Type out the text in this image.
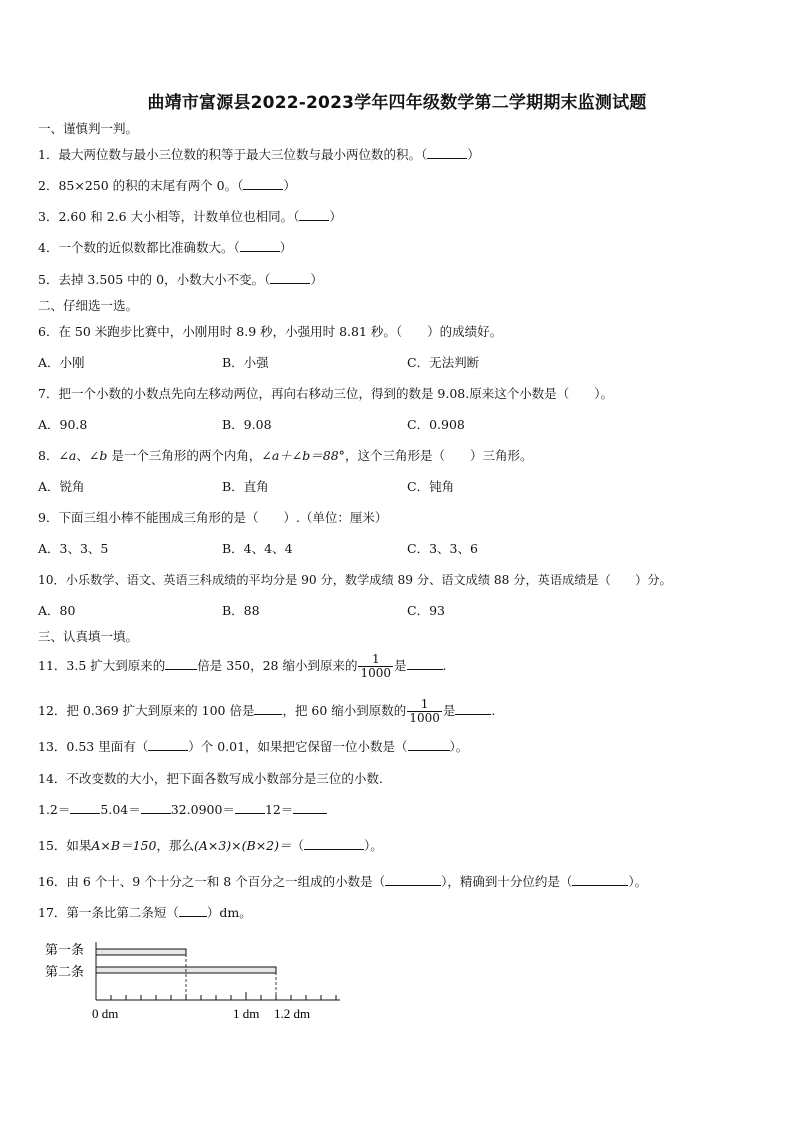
曲靖市富源县2022-2023学年四年级数学第二学期期末监测试题
一、谨慎判一判。
1．最大两位数与最小三位数的积等于最大三位数与最小两位数的积。（	）
2．85×250 的积的末尾有两个 0。（	）
3．2.60 和 2.6 大小相等，计数单位也相同。（ ）
4．一个数的近似数都比准确数大。（	）
5．去掉 3.505 中的 0，小数大小不变。（	）
二、仔细选一选。
6．在 50 米跑步比赛中，小刚用时 8.9 秒，小强用时 8.81 秒。（　　）的成绩好。
A．小刚	B．小强	C．无法判断
7．把一个小数的小数点先向左移动两位，再向右移动三位，得到的数是 9.08.原来这个小数是（　　）。
A．90.8	B．9.08	C．0.908
8．∠a、∠b 是一个三角形的两个内角，∠a＋∠b＝88°，这个三角形是（　　）三角形。
A．锐角	B．直角	C．钝角
9．下面三组小棒不能围成三角形的是（　　）.（单位：厘米）
A．3、3、5	B．4、4、4	C．3、3、6
10．小乐数学、语文、英语三科成绩的平均分是 90 分，数学成绩 89 分、语文成绩 88 分，英语成绩是（　　）分。
A．80	B．88	C．93
三、认真填一填。
11．3.5 扩大到原来的	倍是 350，28 缩小到原来的 $\frac{1}{1000}$ 是	.
12．把 0.369 扩大到原来的 100 倍是 ，把 60 缩小到原数的 $\frac{1}{1000}$ 是	.
13．0.53 里面有（	）个 0.01，如果把它保留一位小数是（	）。
14．不改变数的大小，把下面各数写成小数部分是三位的小数.
1.2＝ 5.04＝ 32.0900＝ 12＝
15．如果A×B＝150，那么(A×3)×(B×2)＝（	）。
16．由 6 个十、9 个十分之一和 8 个百分之一组成的小数是（	），精确到十分位约是（	）。
17．第一条比第二条短（ ）dm。
第一条
第二条
0 dm	1 dm 1.2 dm
